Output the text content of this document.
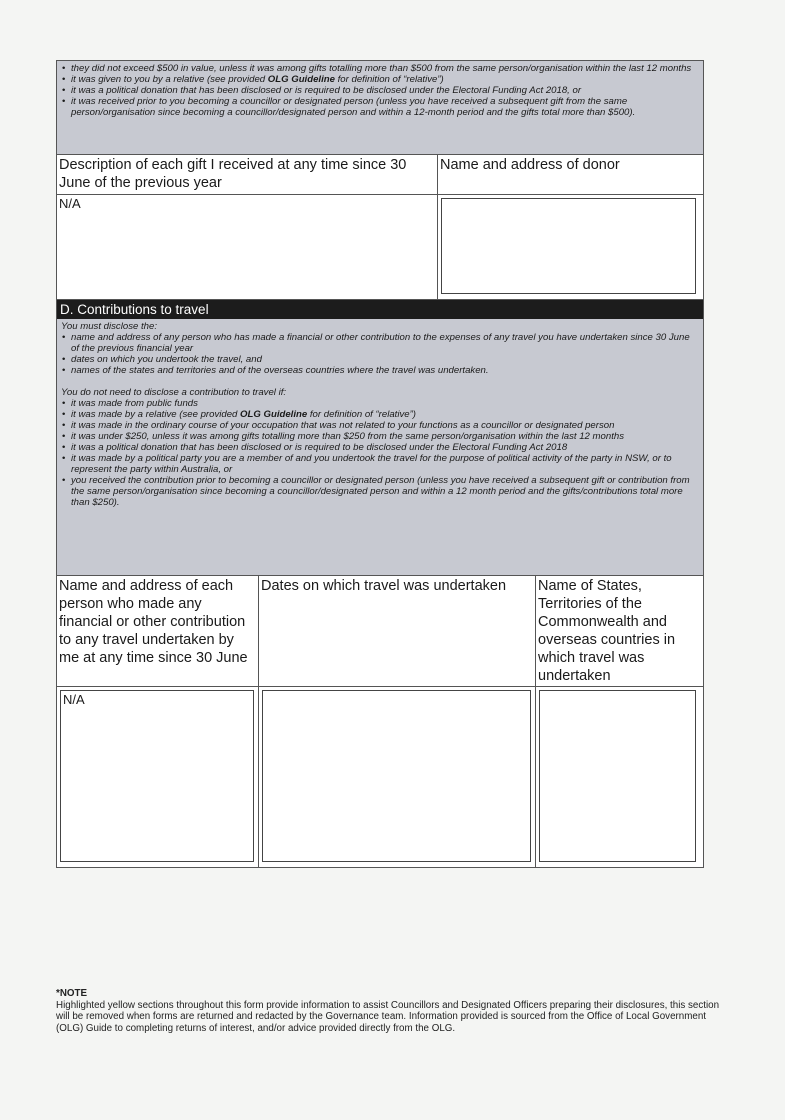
• they did not exceed $500 in value, unless it was among gifts totalling more than $500 from the same person/organisation within the last 12 months
• it was given to you by a relative (see provided OLG Guideline for definition of “relative”)
• it was a political donation that has been disclosed or is required to be disclosed under the Electoral Funding Act 2018, or
• it was received prior to you becoming a councillor or designated person (unless you have received a subsequent gift from the same person/organisation since becoming a councillor/designated person and within a 12-month period and the gifts total more than $500).
Description of each gift I received at any time since 30 June of the previous year
Name and address of donor
N/A
D. Contributions to travel

You must disclose the:

• name and address of any person who has made a financial or other contribution to the expenses of any travel you have undertaken since 30 June of the previous financial year
• dates on which you undertook the travel, and
• names of the states and territories and of the overseas countries where the travel was undertaken.

You do not need to disclose a contribution to travel if:

• it was made from public funds
• it was made by a relative (see provided OLG Guideline for definition of “relative”)
• it was made in the ordinary course of your occupation that was not related to your functions as a councillor or designated person
• it was under $250, unless it was among gifts totalling more than $250 from the same person/organisation within the last 12 months
• it was a political donation that has been disclosed or is required to be disclosed under the Electoral Funding Act 2018
• it was made by a political party you are a member of and you undertook the travel for the purpose of political activity of the party in NSW, or to represent the party within Australia, or
• you received the contribution prior to becoming a councillor or designated person (unless you have received a subsequent gift or contribution from the same person/organisation since becoming a councillor/designated person and within a 12 month period and the gifts/contributions total more than $250).
Name and address of each person who made any financial or other contribution to any travel undertaken by me at any time since 30 June
Dates on which travel was undertaken	Name of States, Territories of the Commonwealth and overseas countries in which travel was undertaken
N/A
*NOTE
Highlighted yellow sections throughout this form provide information to assist Councillors and Designated Officers preparing their disclosures, this section will be removed when forms are returned and redacted by the Governance team. Information provided is sourced from the Office of Local Government (OLG) Guide to completing returns of interest, and/or advice provided directly from the OLG.
